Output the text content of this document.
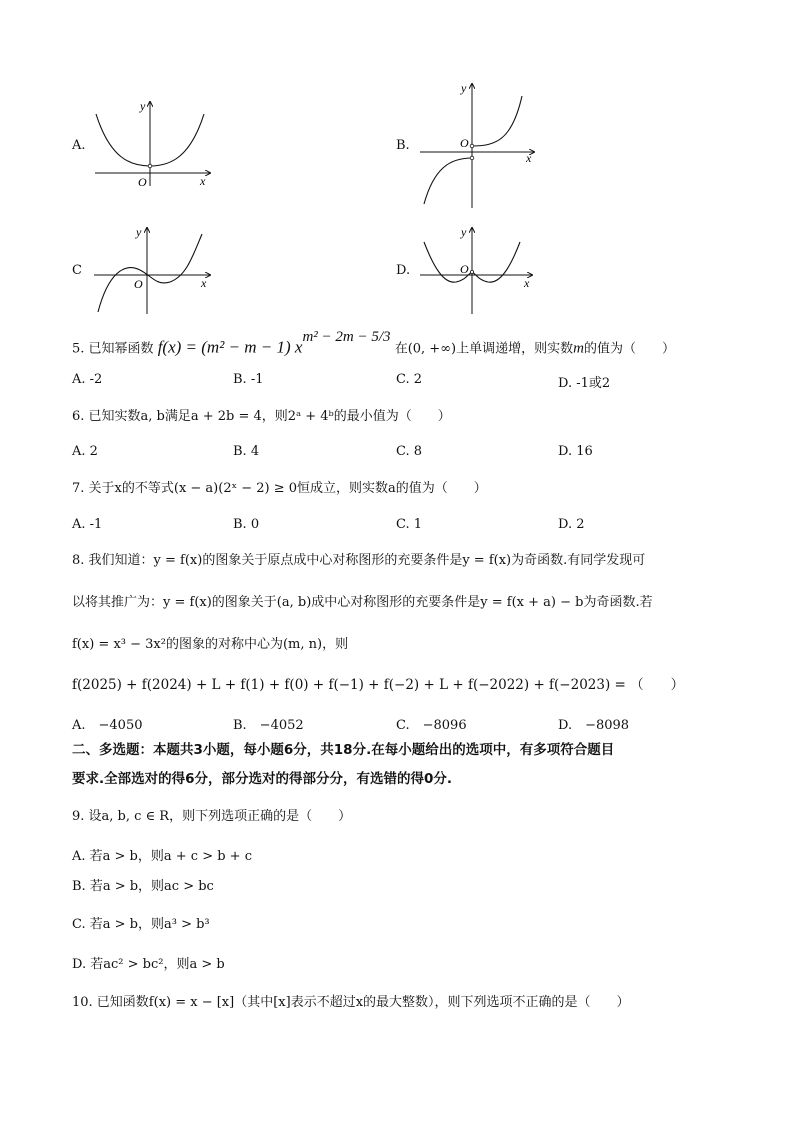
A.
x
y
O
B.
x
y
O
C
x
y
O
D.
x
y
O
5. 已知幂函数 f(x) = (m² − m − 1) $x^{m^2 - 2m - 5/3}$ 在(0, +∞)上单调递增，则实数m的值为（　　）
A. -2	B. -1	C. 2	D. -1或2
6. 已知实数a, b满足a + 2b = 4，则2ᵃ + 4ᵇ的最小值为（　　）
A. 2	B. 4	C. 8	D. 16
7. 关于x的不等式(x − a)(2ˣ − 2) ≥ 0恒成立，则实数a的值为（　　）
A. -1	B. 0	C. 1	D. 2
8. 我们知道：y = f(x)的图象关于原点成中心对称图形的充要条件是y = f(x)为奇函数.有同学发现可
以将其推广为：y = f(x)的图象关于(a, b)成中心对称图形的充要条件是y = f(x + a) − b为奇函数.若
f(x) = x³ − 3x²的图象的对称中心为(m, n)，则
f(2025) + f(2024) + L + f(1) + f(0) + f(−1) + f(−2) + L + f(−2022) + f(−2023) = （　　）
A.　−4050	B.　−4052	C.　−8096	D.　−8098
二、多选题：本题共3小题，每小题6分，共18分.在每小题给出的选项中，有多项符合题目
要求.全部选对的得6分，部分选对的得部分分，有选错的得0分.
9. 设a, b, c ∈ R，则下列选项正确的是（　　）
A. 若a > b，则a + c > b + c
B. 若a > b，则ac > bc
C. 若a > b，则a³ > b³
D. 若ac² > bc²，则a > b
10. 已知函数f(x) = x − [x]（其中[x]表示不超过x的最大整数），则下列选项不正确的是（　　）
